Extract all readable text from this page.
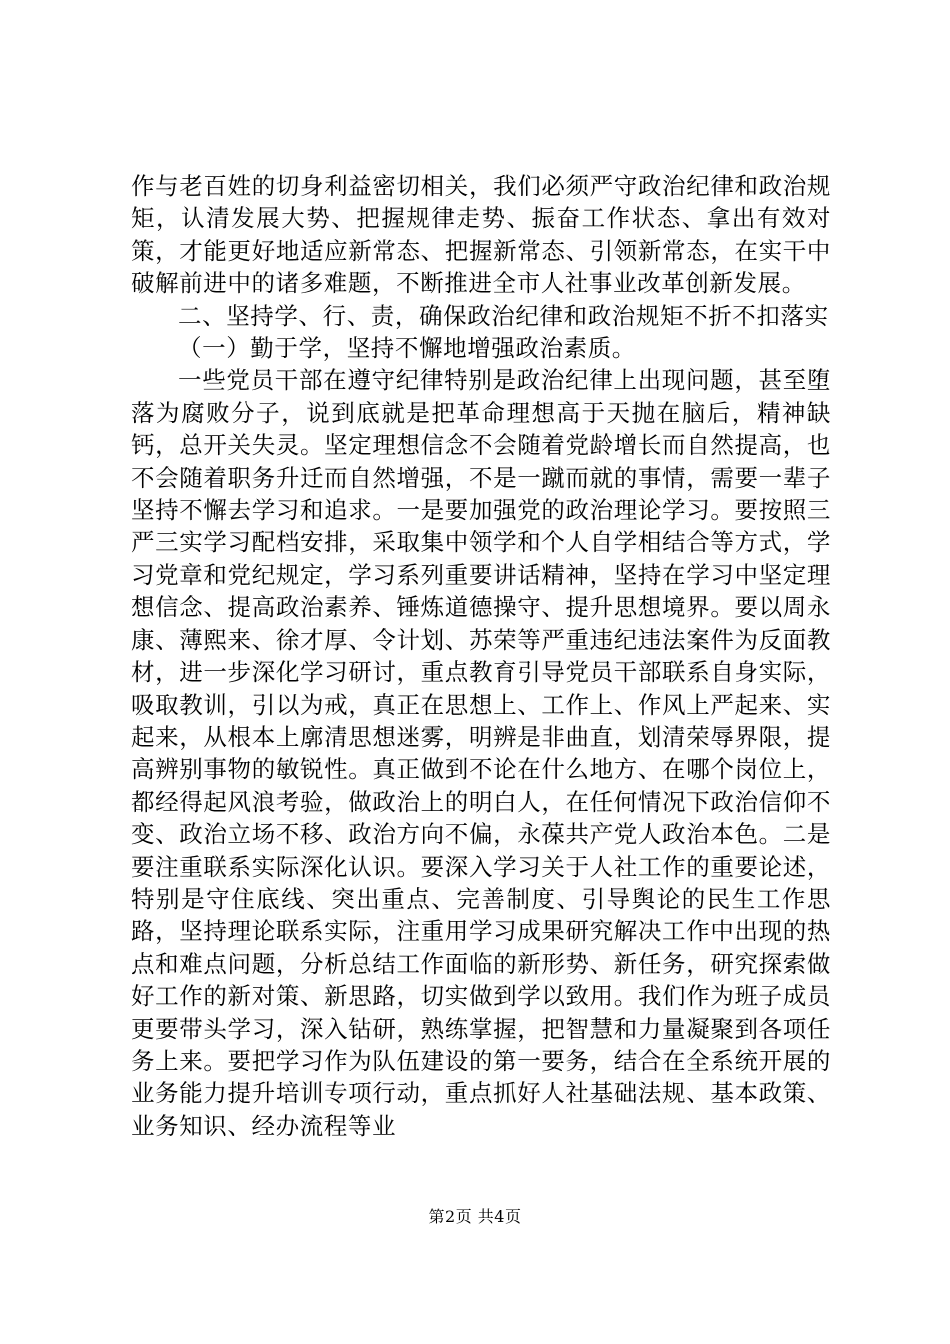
作与老百姓的切身利益密切相关，我们必须严守政治纪律和政治规矩，认清发展大势、把握规律走势、振奋工作状态、拿出有效对策，才能更好地适应新常态、把握新常态、引领新常态，在实干中破解前进中的诸多难题，不断推进全市人社事业改革创新发展。

二、坚持学、行、责，确保政治纪律和政治规矩不折不扣落实

（一）勤于学，坚持不懈地增强政治素质。

一些党员干部在遵守纪律特别是政治纪律上出现问题，甚至堕落为腐败分子，说到底就是把革命理想高于天抛在脑后，精神缺钙，总开关失灵。坚定理想信念不会随着党龄增长而自然提高，也不会随着职务升迁而自然增强，不是一蹴而就的事情，需要一辈子坚持不懈去学习和追求。一是要加强党的政治理论学习。要按照三严三实学习配档安排，采取集中领学和个人自学相结合等方式，学习党章和党纪规定，学习系列重要讲话精神，坚持在学习中坚定理想信念、提高政治素养、锤炼道德操守、提升思想境界。要以周永康、薄熙来、徐才厚、令计划、苏荣等严重违纪违法案件为反面教材，进一步深化学习研讨，重点教育引导党员干部联系自身实际，吸取教训，引以为戒，真正在思想上、工作上、作风上严起来、实起来，从根本上廓清思想迷雾，明辨是非曲直，划清荣辱界限，提高辨别事物的敏锐性。真正做到不论在什么地方、在哪个岗位上，都经得起风浪考验，做政治上的明白人，在任何情况下政治信仰不变、政治立场不移、政治方向不偏，永葆共产党人政治本色。二是要注重联系实际深化认识。要深入学习关于人社工作的重要论述，特别是守住底线、突出重点、完善制度、引导舆论的民生工作思路，坚持理论联系实际，注重用学习成果研究解决工作中出现的热点和难点问题，分析总结工作面临的新形势、新任务，研究探索做好工作的新对策、新思路，切实做到学以致用。我们作为班子成员更要带头学习，深入钻研，熟练掌握，把智慧和力量凝聚到各项任务上来。要把学习作为队伍建设的第一要务，结合在全系统开展的业务能力提升培训专项行动，重点抓好人社基础法规、基本政策、业务知识、经办流程等业

第2页 共4页
